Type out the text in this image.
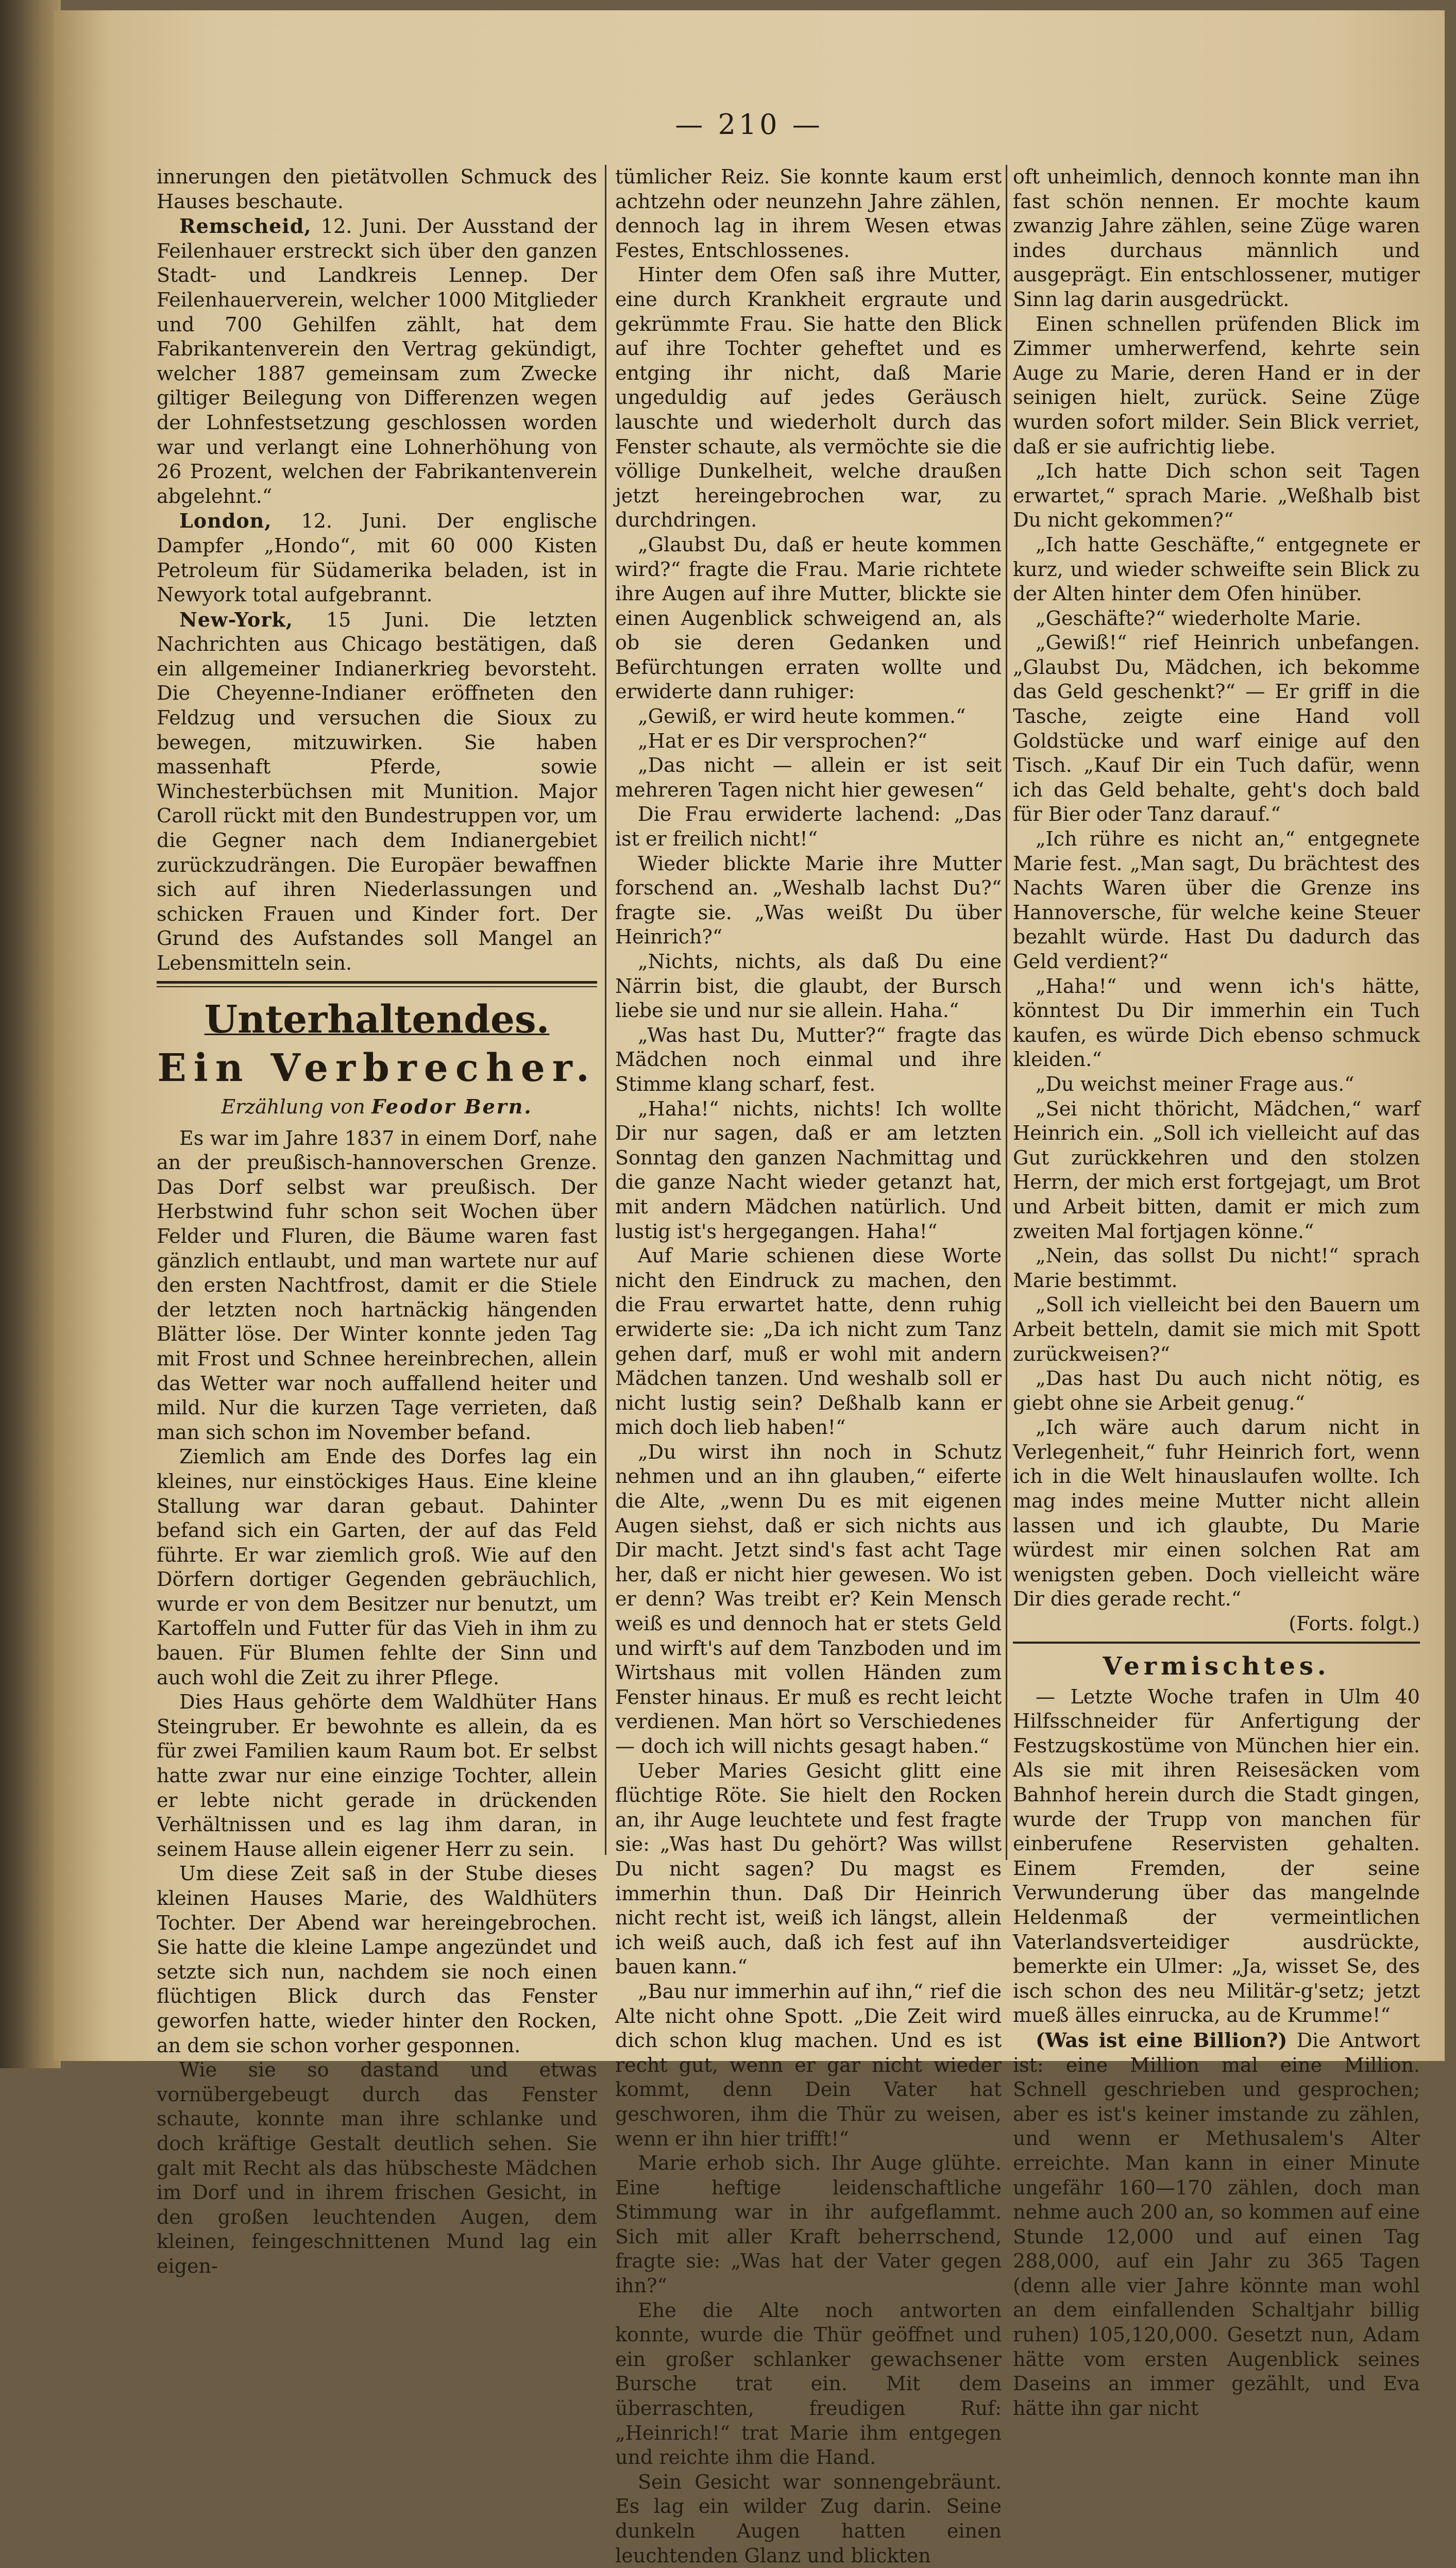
— 210 —

innerungen den pietätvollen Schmuck des Hauses beschaute.

Remscheid, 12. Juni. Der Ausstand der Feilenhauer erstreckt sich über den ganzen Stadt- und Landkreis Lennep. Der Feilenhauerverein, welcher 1000 Mitglieder und 700 Gehilfen zählt, hat dem Fabrikantenverein den Vertrag gekündigt, welcher 1887 gemeinsam zum Zwecke giltiger Beilegung von Differenzen wegen der Lohnfestsetzung geschlossen worden war und verlangt eine Lohnerhöhung von 26 Prozent, welchen der Fabrikantenverein abgelehnt.“

London, 12. Juni. Der englische Dampfer „Hondo“, mit 60 000 Kisten Petroleum für Südamerika beladen, ist in Newyork total aufgebrannt.

New-York, 15 Juni. Die letzten Nachrichten aus Chicago bestätigen, daß ein allgemeiner Indianerkrieg bevorsteht. Die Cheyenne-Indianer eröffneten den Feldzug und versuchen die Sioux zu bewegen, mitzuwirken. Sie haben massenhaft Pferde, sowie Winchesterbüchsen mit Munition. Major Caroll rückt mit den Bundestruppen vor, um die Gegner nach dem Indianergebiet zurückzudrängen. Die Europäer bewaffnen sich auf ihren Niederlassungen und schicken Frauen und Kinder fort. Der Grund des Aufstandes soll Mangel an Lebensmitteln sein.

Unterhaltendes.
Ein Verbrecher.
Erzählung von Feodor Bern.

Es war im Jahre 1837 in einem Dorf, nahe an der preußisch-hannoverschen Grenze. Das Dorf selbst war preußisch. Der Herbstwind fuhr schon seit Wochen über Felder und Fluren, die Bäume waren fast gänzlich entlaubt, und man wartete nur auf den ersten Nachtfrost, damit er die Stiele der letzten noch hartnäckig hängenden Blätter löse. Der Winter konnte jeden Tag mit Frost und Schnee hereinbrechen, allein das Wetter war noch auffallend heiter und mild. Nur die kurzen Tage verrieten, daß man sich schon im November befand.

Ziemlich am Ende des Dorfes lag ein kleines, nur einstöckiges Haus. Eine kleine Stallung war daran gebaut. Dahinter befand sich ein Garten, der auf das Feld führte. Er war ziemlich groß. Wie auf den Dörfern dortiger Gegenden gebräuchlich, wurde er von dem Besitzer nur benutzt, um Kartoffeln und Futter für das Vieh in ihm zu bauen. Für Blumen fehlte der Sinn und auch wohl die Zeit zu ihrer Pflege.

Dies Haus gehörte dem Waldhüter Hans Steingruber. Er bewohnte es allein, da es für zwei Familien kaum Raum bot. Er selbst hatte zwar nur eine einzige Tochter, allein er lebte nicht gerade in drückenden Verhältnissen und es lag ihm daran, in seinem Hause allein eigener Herr zu sein.

Um diese Zeit saß in der Stube dieses kleinen Hauses Marie, des Waldhüters Tochter. Der Abend war hereingebrochen. Sie hatte die kleine Lampe angezündet und setzte sich nun, nachdem sie noch einen flüchtigen Blick durch das Fenster geworfen hatte, wieder hinter den Rocken, an dem sie schon vorher gesponnen.

Wie sie so dastand und etwas vornübergebeugt durch das Fenster schaute, konnte man ihre schlanke und doch kräftige Gestalt deutlich sehen. Sie galt mit Recht als das hübscheste Mädchen im Dorf und in ihrem frischen Gesicht, in den großen leuchtenden Augen, dem kleinen, feingeschnittenen Mund lag ein eigen-

tümlicher Reiz. Sie konnte kaum erst achtzehn oder neunzehn Jahre zählen, dennoch lag in ihrem Wesen etwas Festes, Entschlossenes.

Hinter dem Ofen saß ihre Mutter, eine durch Krankheit ergraute und gekrümmte Frau. Sie hatte den Blick auf ihre Tochter geheftet und es entging ihr nicht, daß Marie ungeduldig auf jedes Geräusch lauschte und wiederholt durch das Fenster schaute, als vermöchte sie die völlige Dunkelheit, welche draußen jetzt hereingebrochen war, zu durchdringen.

„Glaubst Du, daß er heute kommen wird?“ fragte die Frau. Marie richtete ihre Augen auf ihre Mutter, blickte sie einen Augenblick schweigend an, als ob sie deren Gedanken und Befürchtungen erraten wollte und erwiderte dann ruhiger:

„Gewiß, er wird heute kommen.“

„Hat er es Dir versprochen?“

„Das nicht — allein er ist seit mehreren Tagen nicht hier gewesen“

Die Frau erwiderte lachend: „Das ist er freilich nicht!“

Wieder blickte Marie ihre Mutter forschend an. „Weshalb lachst Du?“ fragte sie. „Was weißt Du über Heinrich?“

„Nichts, nichts, als daß Du eine Närrin bist, die glaubt, der Bursch liebe sie und nur sie allein. Haha.“

„Was hast Du, Mutter?“ fragte das Mädchen noch einmal und ihre Stimme klang scharf, fest.

„Haha!“ nichts, nichts! Ich wollte Dir nur sagen, daß er am letzten Sonntag den ganzen Nachmittag und die ganze Nacht wieder getanzt hat, mit andern Mädchen natürlich. Und lustig ist's hergegangen. Haha!“

Auf Marie schienen diese Worte nicht den Eindruck zu machen, den die Frau erwartet hatte, denn ruhig erwiderte sie: „Da ich nicht zum Tanz gehen darf, muß er wohl mit andern Mädchen tanzen. Und weshalb soll er nicht lustig sein? Deßhalb kann er mich doch lieb haben!“

„Du wirst ihn noch in Schutz nehmen und an ihn glauben,“ eiferte die Alte, „wenn Du es mit eigenen Augen siehst, daß er sich nichts aus Dir macht. Jetzt sind's fast acht Tage her, daß er nicht hier gewesen. Wo ist er denn? Was treibt er? Kein Mensch weiß es und dennoch hat er stets Geld und wirft's auf dem Tanzboden und im Wirtshaus mit vollen Händen zum Fenster hinaus. Er muß es recht leicht verdienen. Man hört so Verschiedenes — doch ich will nichts gesagt haben.“

Ueber Maries Gesicht glitt eine flüchtige Röte. Sie hielt den Rocken an, ihr Auge leuchtete und fest fragte sie: „Was hast Du gehört? Was willst Du nicht sagen? Du magst es immerhin thun. Daß Dir Heinrich nicht recht ist, weiß ich längst, allein ich weiß auch, daß ich fest auf ihn bauen kann.“

„Bau nur immerhin auf ihn,“ rief die Alte nicht ohne Spott. „Die Zeit wird dich schon klug machen. Und es ist recht gut, wenn er gar nicht wieder kommt, denn Dein Vater hat geschworen, ihm die Thür zu weisen, wenn er ihn hier trifft!“

Marie erhob sich. Ihr Auge glühte. Eine heftige leidenschaftliche Stimmung war in ihr aufgeflammt. Sich mit aller Kraft beherrschend, fragte sie: „Was hat der Vater gegen ihn?“

Ehe die Alte noch antworten konnte, wurde die Thür geöffnet und ein großer schlanker gewachsener Bursche trat ein. Mit dem überraschten, freudigen Ruf: „Heinrich!“ trat Marie ihm entgegen und reichte ihm die Hand.

Sein Gesicht war sonnengebräunt. Es lag ein wilder Zug darin. Seine dunkeln Augen hatten einen leuchtenden Glanz und blickten

oft unheimlich, dennoch konnte man ihn fast schön nennen. Er mochte kaum zwanzig Jahre zählen, seine Züge waren indes durchaus männlich und ausgeprägt. Ein entschlossener, mutiger Sinn lag darin ausgedrückt.

Einen schnellen prüfenden Blick im Zimmer umherwerfend, kehrte sein Auge zu Marie, deren Hand er in der seinigen hielt, zurück. Seine Züge wurden sofort milder. Sein Blick verriet, daß er sie aufrichtig liebe.

„Ich hatte Dich schon seit Tagen erwartet,“ sprach Marie. „Weßhalb bist Du nicht gekommen?“

„Ich hatte Geschäfte,“ entgegnete er kurz, und wieder schweifte sein Blick zu der Alten hinter dem Ofen hinüber.

„Geschäfte?“ wiederholte Marie.

„Gewiß!“ rief Heinrich unbefangen. „Glaubst Du, Mädchen, ich bekomme das Geld geschenkt?“ — Er griff in die Tasche, zeigte eine Hand voll Goldstücke und warf einige auf den Tisch. „Kauf Dir ein Tuch dafür, wenn ich das Geld behalte, geht's doch bald für Bier oder Tanz darauf.“

„Ich rühre es nicht an,“ entgegnete Marie fest. „Man sagt, Du brächtest des Nachts Waren über die Grenze ins Hannoversche, für welche keine Steuer bezahlt würde. Hast Du dadurch das Geld verdient?“

„Haha!“ und wenn ich's hätte, könntest Du Dir immerhin ein Tuch kaufen, es würde Dich ebenso schmuck kleiden.“

„Du weichst meiner Frage aus.“

„Sei nicht thöricht, Mädchen,“ warf Heinrich ein. „Soll ich vielleicht auf das Gut zurückkehren und den stolzen Herrn, der mich erst fortgejagt, um Brot und Arbeit bitten, damit er mich zum zweiten Mal fortjagen könne.“

„Nein, das sollst Du nicht!“ sprach Marie bestimmt.

„Soll ich vielleicht bei den Bauern um Arbeit betteln, damit sie mich mit Spott zurückweisen?“

„Das hast Du auch nicht nötig, es giebt ohne sie Arbeit genug.“

„Ich wäre auch darum nicht in Verlegenheit,“ fuhr Heinrich fort, wenn ich in die Welt hinauslaufen wollte. Ich mag indes meine Mutter nicht allein lassen und ich glaubte, Du Marie würdest mir einen solchen Rat am wenigsten geben. Doch vielleicht wäre Dir dies gerade recht.“

(Forts. folgt.)
Vermischtes.

— Letzte Woche trafen in Ulm 40 Hilfsschneider für Anfertigung der Festzugskostüme von München hier ein. Als sie mit ihren Reisesäcken vom Bahnhof herein durch die Stadt gingen, wurde der Trupp von manchen für einberufene Reservisten gehalten. Einem Fremden, der seine Verwunderung über das mangelnde Heldenmaß der vermeintlichen Vaterlandsverteidiger ausdrückte, bemerkte ein Ulmer: „Ja, wisset Se, des isch schon des neu Militär-g'setz; jetzt mueß älles einrucka, au de Krumme!“

(Was ist eine Billion?) Die Antwort ist: eine Million mal eine Million. Schnell geschrieben und gesprochen; aber es ist's keiner imstande zu zählen, und wenn er Methusalem's Alter erreichte. Man kann in einer Minute ungefähr 160—170 zählen, doch man nehme auch 200 an, so kommen auf eine Stunde 12,000 und auf einen Tag 288,000, auf ein Jahr zu 365 Tagen (denn alle vier Jahre könnte man wohl an dem einfallenden Schaltjahr billig ruhen) 105,120,000. Gesetzt nun, Adam hätte vom ersten Augenblick seines Daseins an immer gezählt, und Eva hätte ihn gar nicht
